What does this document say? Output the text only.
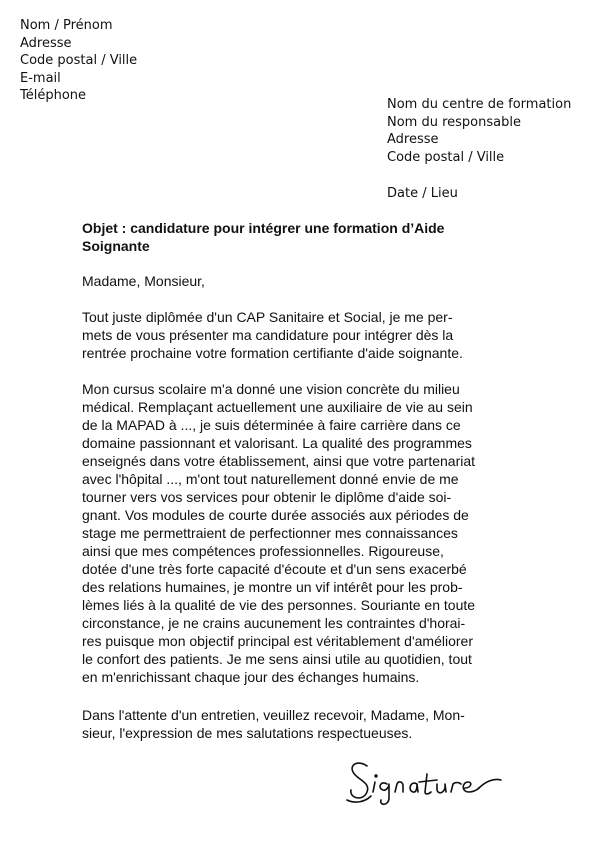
Nom / Prénom
Adresse
Code postal / Ville
E-mail
Téléphone
Nom du centre de formation
Nom du responsable
Adresse
Code postal / Ville
Date / Lieu
Objet : candidature pour intégrer une formation d’Aide
Soignante
Madame, Monsieur,
Tout juste diplômée d'un CAP Sanitaire et Social, je me per-
mets de vous présenter ma candidature pour intégrer dès la
rentrée prochaine votre formation certifiante d'aide soignante.
Mon cursus scolaire m'a donné une vision concrète du milieu
médical. Remplaçant actuellement une auxiliaire de vie au sein
de la MAPAD à ..., je suis déterminée à faire carrière dans ce
domaine passionnant et valorisant. La qualité des programmes
enseignés dans votre établissement, ainsi que votre partenariat
avec l'hôpital ..., m'ont tout naturellement donné envie de me
tourner vers vos services pour obtenir le diplôme d'aide soi-
gnant. Vos modules de courte durée associés aux périodes de
stage me permettraient de perfectionner mes connaissances
ainsi que mes compétences professionnelles. Rigoureuse,
dotée d'une très forte capacité d'écoute et d'un sens exacerbé
des relations humaines, je montre un vif intérêt pour les prob-
lèmes liés à la qualité de vie des personnes. Souriante en toute
circonstance, je ne crains aucunement les contraintes d'horai-
res puisque mon objectif principal est véritablement d'améliorer
le confort des patients. Je me sens ainsi utile au quotidien, tout
en m'enrichissant chaque jour des échanges humains.
Dans l'attente d'un entretien, veuillez recevoir, Madame, Mon-
sieur, l'expression de mes salutations respectueuses.
